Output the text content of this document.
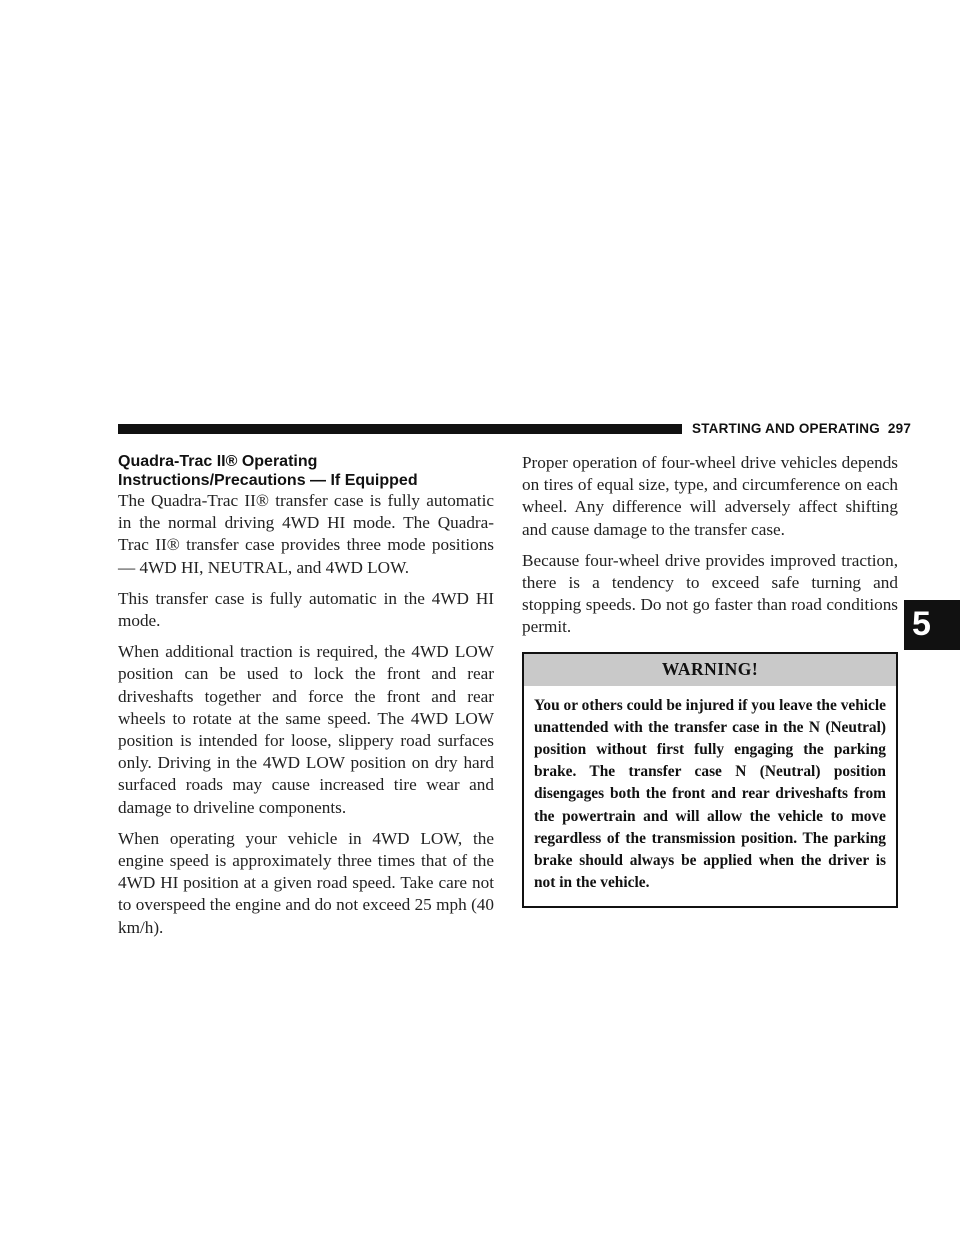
STARTING AND OPERATING 297
5
Quadra-Trac II® Operating
Instructions/Precautions — If Equipped

The Quadra-Trac II® transfer case is fully automatic in the normal driving 4WD HI mode. The Quadra-Trac II® transfer case provides three mode positions — 4WD HI, NEUTRAL, and 4WD LOW.

This transfer case is fully automatic in the 4WD HI mode.

When additional traction is required, the 4WD LOW position can be used to lock the front and rear driveshafts together and force the front and rear wheels to rotate at the same speed. The 4WD LOW position is intended for loose, slippery road surfaces only. Driving in the 4WD LOW position on dry hard surfaced roads may cause increased tire wear and damage to driveline components.

When operating your vehicle in 4WD LOW, the engine speed is approximately three times that of the 4WD HI position at a given road speed. Take care not to overspeed the engine and do not exceed 25 mph (40 km/h).

Proper operation of four-wheel drive vehicles depends on tires of equal size, type, and circumference on each wheel. Any difference will adversely affect shifting and cause damage to the transfer case.

Because four-wheel drive provides improved traction, there is a tendency to exceed safe turning and stopping speeds. Do not go faster than road conditions permit.

WARNING!
You or others could be injured if you leave the vehicle unattended with the transfer case in the N (Neutral) position without first fully engaging the parking brake. The transfer case N (Neutral) position disengages both the front and rear driveshafts from the powertrain and will allow the vehicle to move regardless of the transmission position. The parking brake should always be applied when the driver is not in the vehicle.
